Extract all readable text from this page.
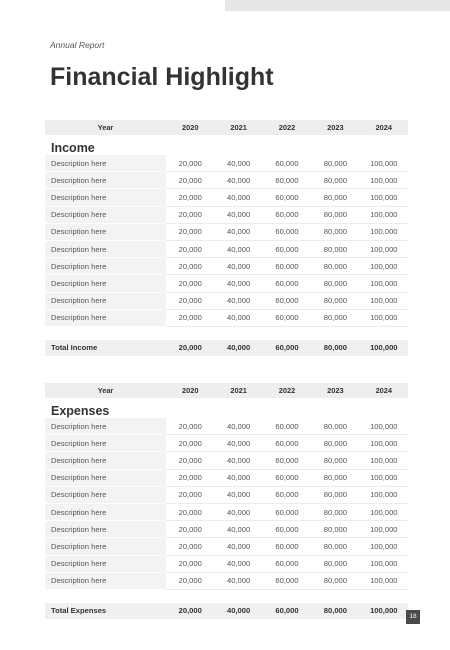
Annual Report
Financial Highlight
Year	2020	2021	2022	2023	2024
Income					
Description here	20,000	40,000	60,000	80,000	100,000
Description here	20,000	40,000	60,000	80,000	100,000
Description here	20,000	40,000	60,000	80,000	100,000
Description here	20,000	40,000	60,000	80,000	100,000
Description here	20,000	40,000	60,000	80,000	100,000
Description here	20,000	40,000	60,000	80,000	100,000
Description here	20,000	40,000	60,000	80,000	100,000
Description here	20,000	40,000	60,000	80,000	100,000
Description here	20,000	40,000	60,000	80,000	100,000
Description here	20,000	40,000	60,000	80,000	100,000

Total Income	20,000	40,000	60,000	80,000	100,000
Year	2020	2021	2022	2023	2024
Expenses					
Description here	20,000	40,000	60,000	80,000	100,000
Description here	20,000	40,000	60,000	80,000	100,000
Description here	20,000	40,000	60,000	80,000	100,000
Description here	20,000	40,000	60,000	80,000	100,000
Description here	20,000	40,000	60,000	80,000	100,000
Description here	20,000	40,000	60,000	80,000	100,000
Description here	20,000	40,000	60,000	80,000	100,000
Description here	20,000	40,000	60,000	80,000	100,000
Description here	20,000	40,000	60,000	80,000	100,000
Description here	20,000	40,000	60,000	80,000	100,000

Total Expenses	20,000	40,000	60,000	80,000	100,000
18
